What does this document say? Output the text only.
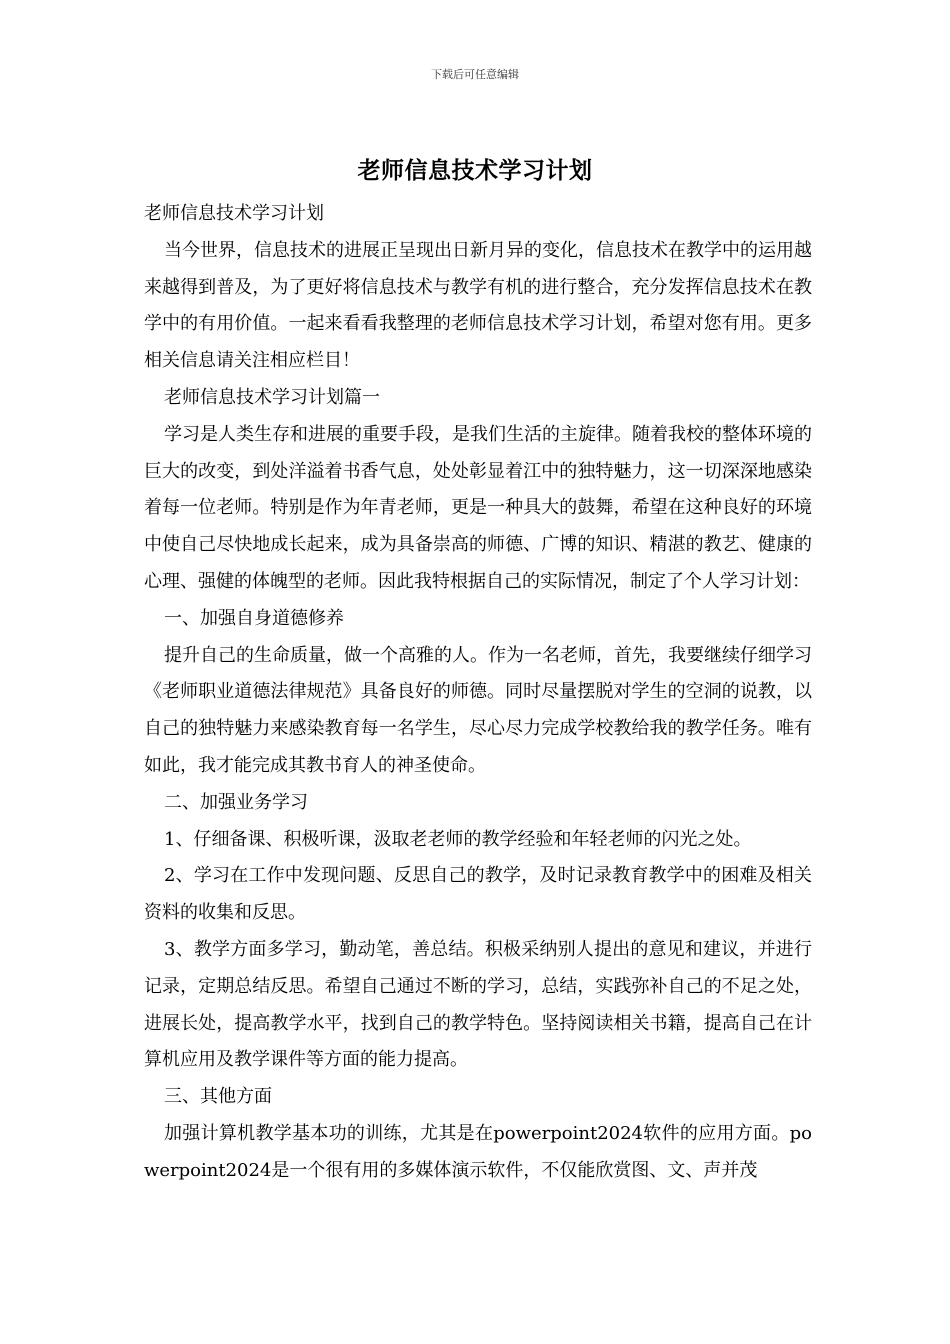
下载后可任意编辑
老师信息技术学习计划

老师信息技术学习计划

当今世界，信息技术的进展正呈现出日新月异的变化，信息技术在教学中的运用越来越得到普及，为了更好将信息技术与教学有机的进行整合，充分发挥信息技术在教学中的有用价值。一起来看看我整理的老师信息技术学习计划，希望对您有用。更多相关信息请关注相应栏目！

老师信息技术学习计划篇一

学习是人类生存和进展的重要手段，是我们生活的主旋律。随着我校的整体环境的巨大的改变，到处洋溢着书香气息，处处彰显着江中的独特魅力，这一切深深地感染着每一位老师。特别是作为年青老师，更是一种具大的鼓舞，希望在这种良好的环境中使自己尽快地成长起来，成为具备崇高的师德、广博的知识、精湛的教艺、健康的心理、强健的体魄型的老师。因此我特根据自己的实际情况，制定了个人学习计划：

一、加强自身道德修养

提升自己的生命质量，做一个高雅的人。作为一名老师，首先，我要继续仔细学习《老师职业道德法律规范》具备良好的师德。同时尽量摆脱对学生的空洞的说教，以自己的独特魅力来感染教育每一名学生，尽心尽力完成学校教给我的教学任务。唯有如此，我才能完成其教书育人的神圣使命。

二、加强业务学习

1、仔细备课、积极听课，汲取老老师的教学经验和年轻老师的闪光之处。

2、学习在工作中发现问题、反思自己的教学，及时记录教育教学中的困难及相关资料的收集和反思。

3、教学方面多学习，勤动笔，善总结。积极采纳别人提出的意见和建议，并进行记录，定期总结反思。希望自己通过不断的学习，总结，实践弥补自己的不足之处，进展长处，提高教学水平，找到自己的教学特色。坚持阅读相关书籍，提高自己在计算机应用及教学课件等方面的能力提高。

三、其他方面

加强计算机教学基本功的训练，尤其是在powerpoint2024软件的应用方面。powerpoint2024是一个很有用的多媒体演示软件，不仅能欣赏图、文、声并茂
